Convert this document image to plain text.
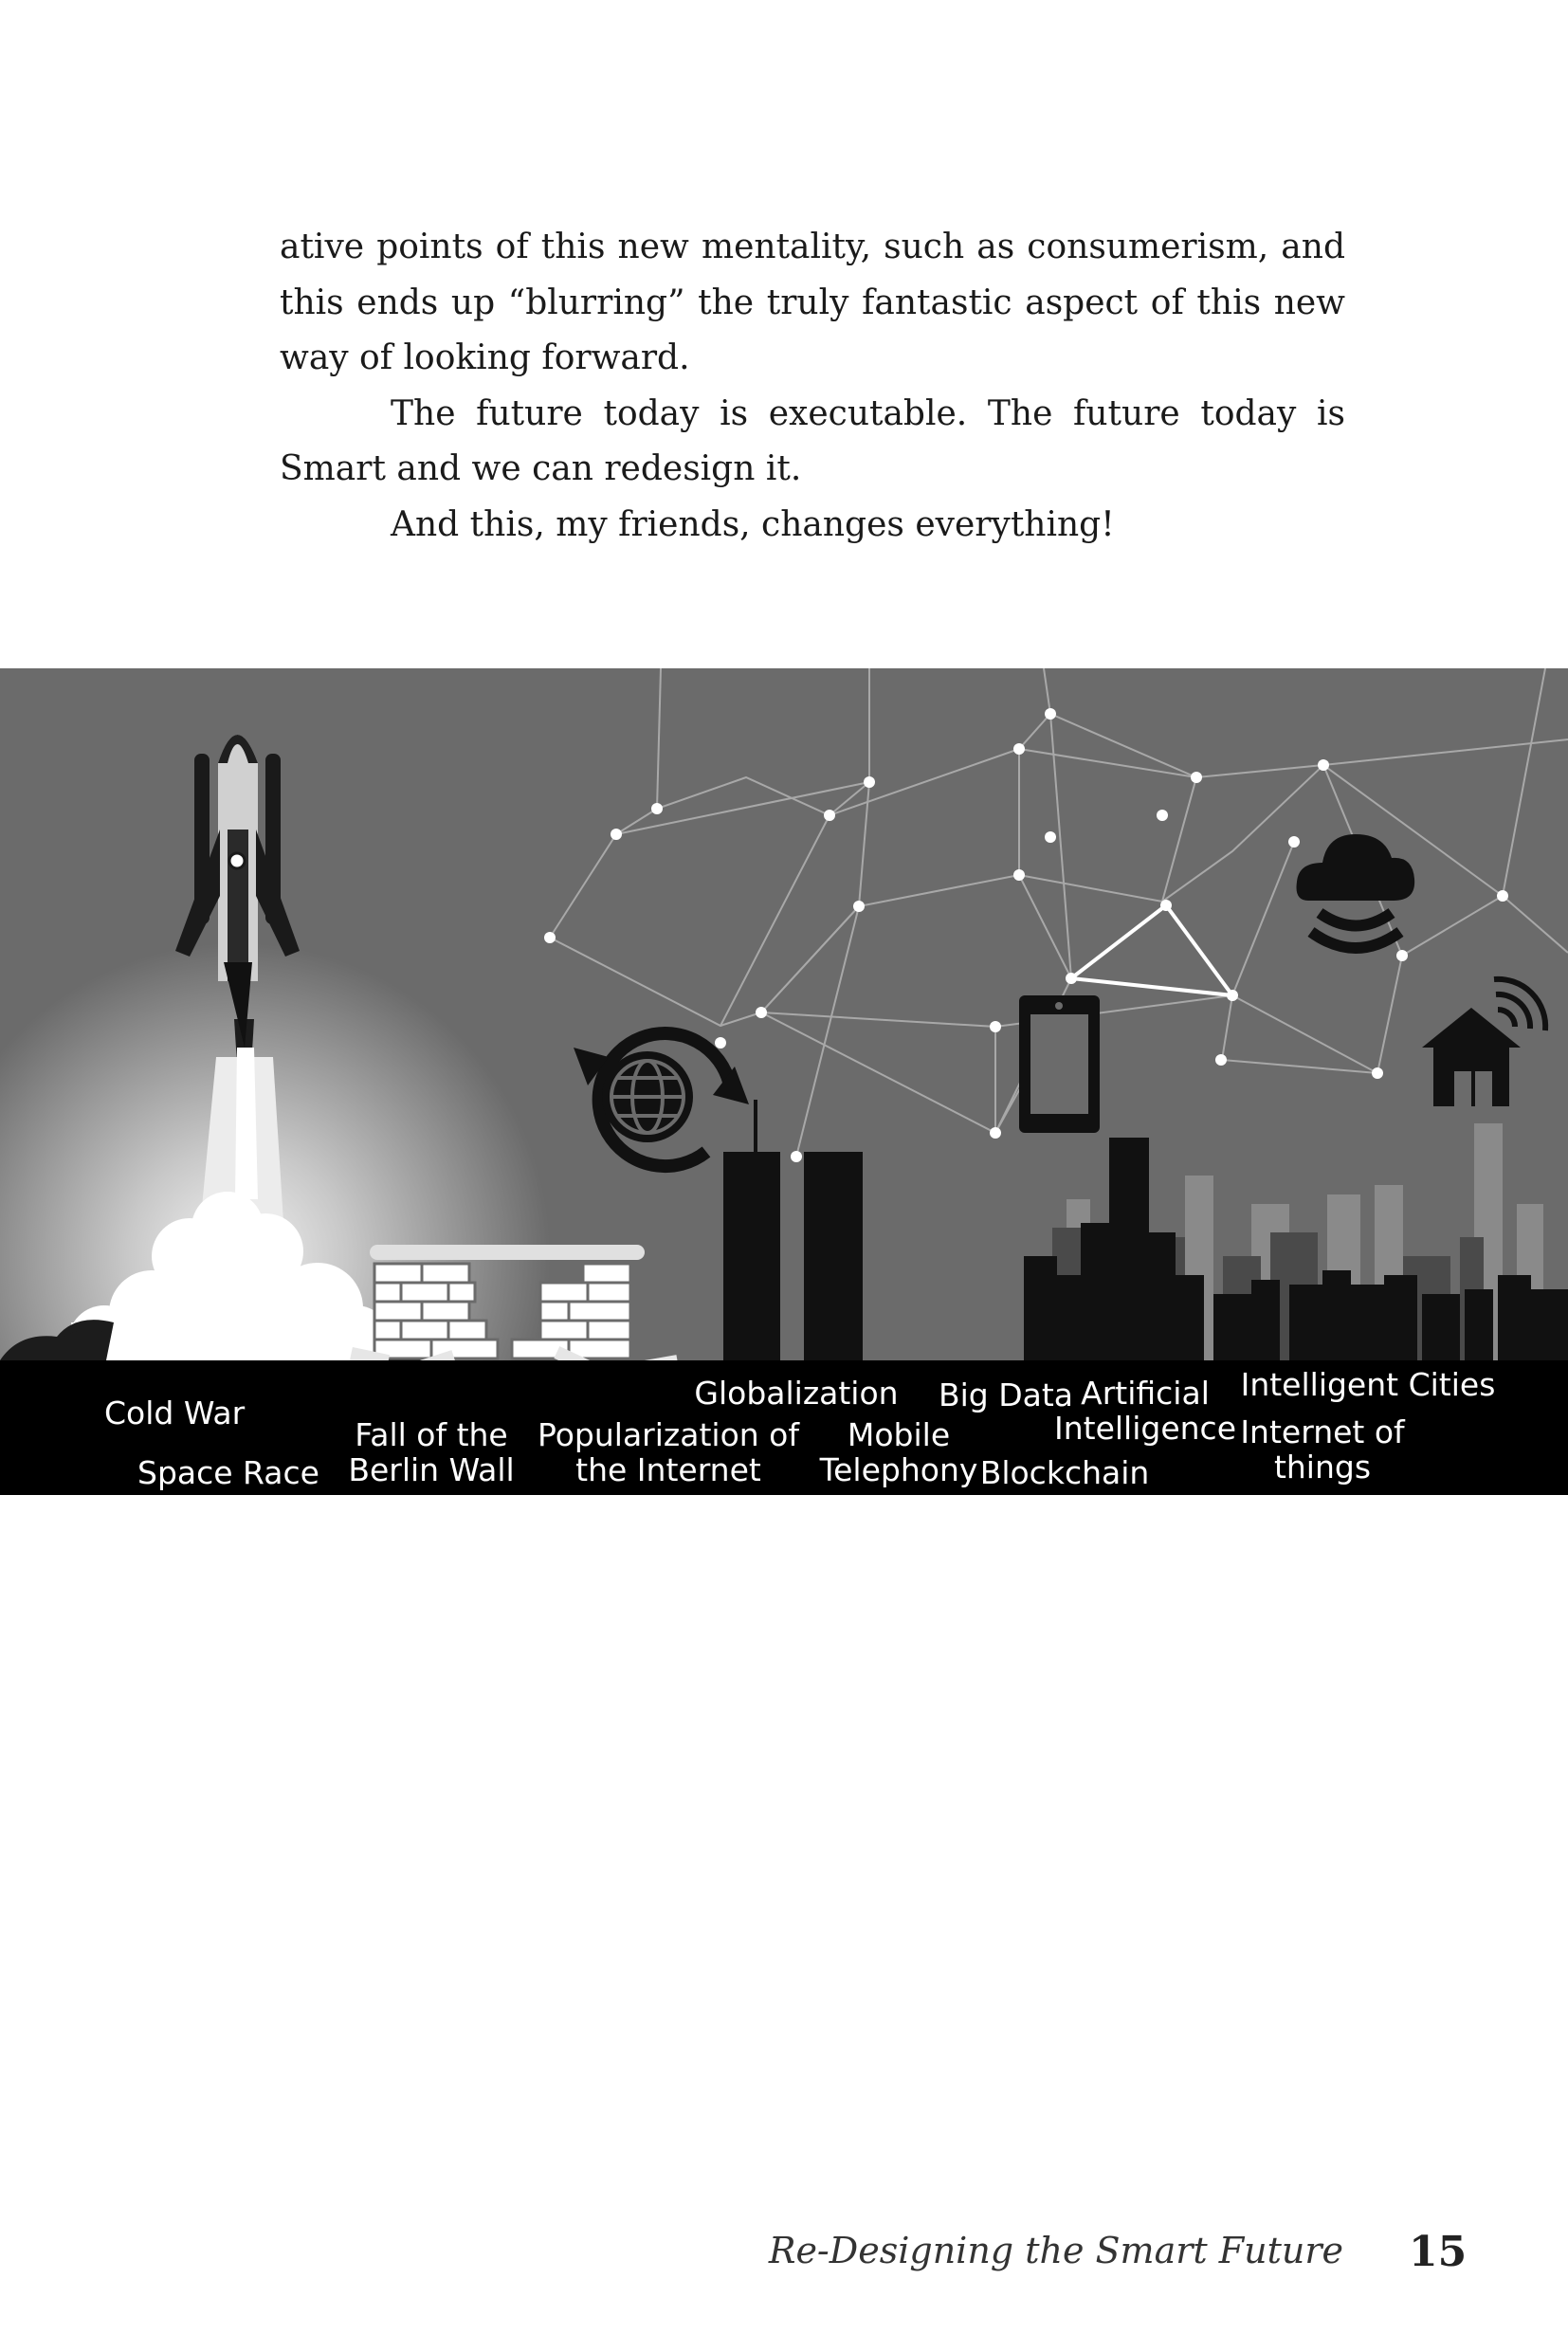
ative points of this new mentality, such as consumerism, and this ends up “blurring” the truly fantastic aspect of this new way of looking forward.

The future today is executable. The future today is Smart and we can redesign it.

And this, my friends, changes everything!

Cold War
Space Race
Fall of the
Berlin Wall
Popularization of
the Internet
Globalization
Mobile
Telephony
Big Data
Blockchain
Artificial
Intelligence
Intelligent Cities
Internet of
things
Re-Designing the Smart Future 15
